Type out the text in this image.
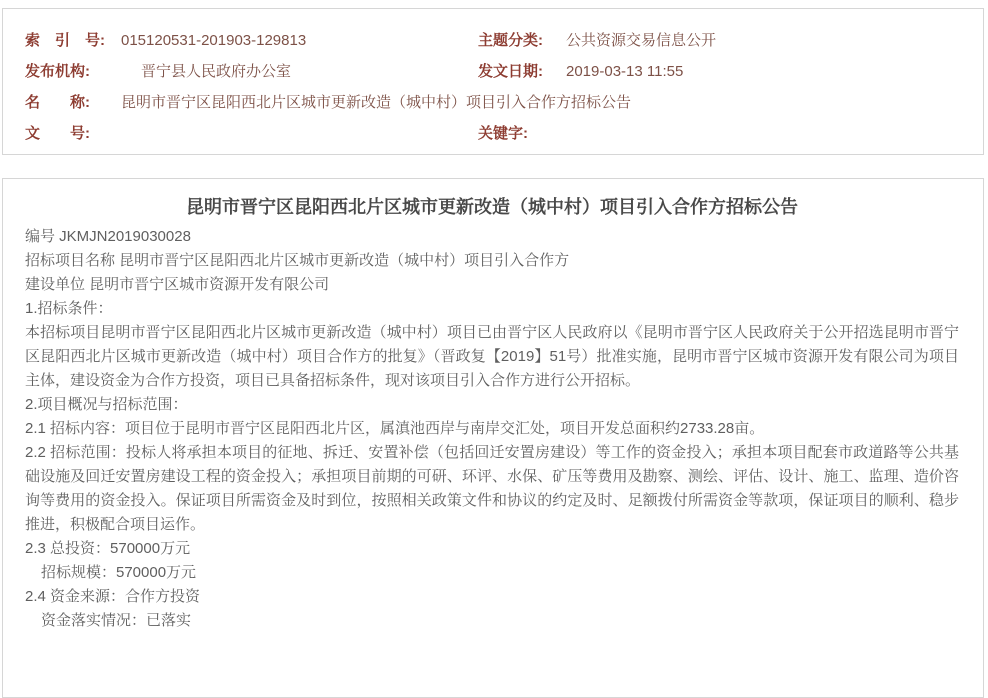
索　引　号:	015120531-201903-129813	主题分类:	公共资源交易信息公开
发布机构:	晋宁县人民政府办公室	发文日期:	2019-03-13 11:55
名　　称:	昆明市晋宁区昆阳西北片区城市更新改造（城中村）项目引入合作方招标公告
文　　号:	关键字:
昆明市晋宁区昆阳西北片区城市更新改造（城中村）项目引入合作方招标公告

编号 JKMJN2019030028

招标项目名称 昆明市晋宁区昆阳西北片区城市更新改造（城中村）项目引入合作方

建设单位 昆明市晋宁区城市资源开发有限公司

1.招标条件：

本招标项目昆明市晋宁区昆阳西北片区城市更新改造（城中村）项目已由晋宁区人民政府以《昆明市晋宁区人民政府关于公开招选昆明市晋宁区昆阳西北片区城市更新改造（城中村）项目合作方的批复》（晋政复【2019】51号）批准实施，昆明市晋宁区城市资源开发有限公司为项目主体，建设资金为合作方投资，项目已具备招标条件，现对该项目引入合作方进行公开招标。

2.项目概况与招标范围：

2.1 招标内容：项目位于昆明市晋宁区昆阳西北片区，属滇池西岸与南岸交汇处，项目开发总面积约2733.28亩。

2.2 招标范围：投标人将承担本项目的征地、拆迁、安置补偿（包括回迁安置房建设）等工作的资金投入；承担本项目配套市政道路等公共基础设施及回迁安置房建设工程的资金投入；承担项目前期的可研、环评、水保、矿压等费用及勘察、测绘、评估、设计、施工、监理、造价咨询等费用的资金投入。保证项目所需资金及时到位，按照相关政策文件和协议的约定及时、足额拨付所需资金等款项，保证项目的顺利、稳步推进，积极配合项目运作。

2.3 总投资：570000万元

招标规模：570000万元

2.4 资金来源：合作方投资

资金落实情况：已落实
